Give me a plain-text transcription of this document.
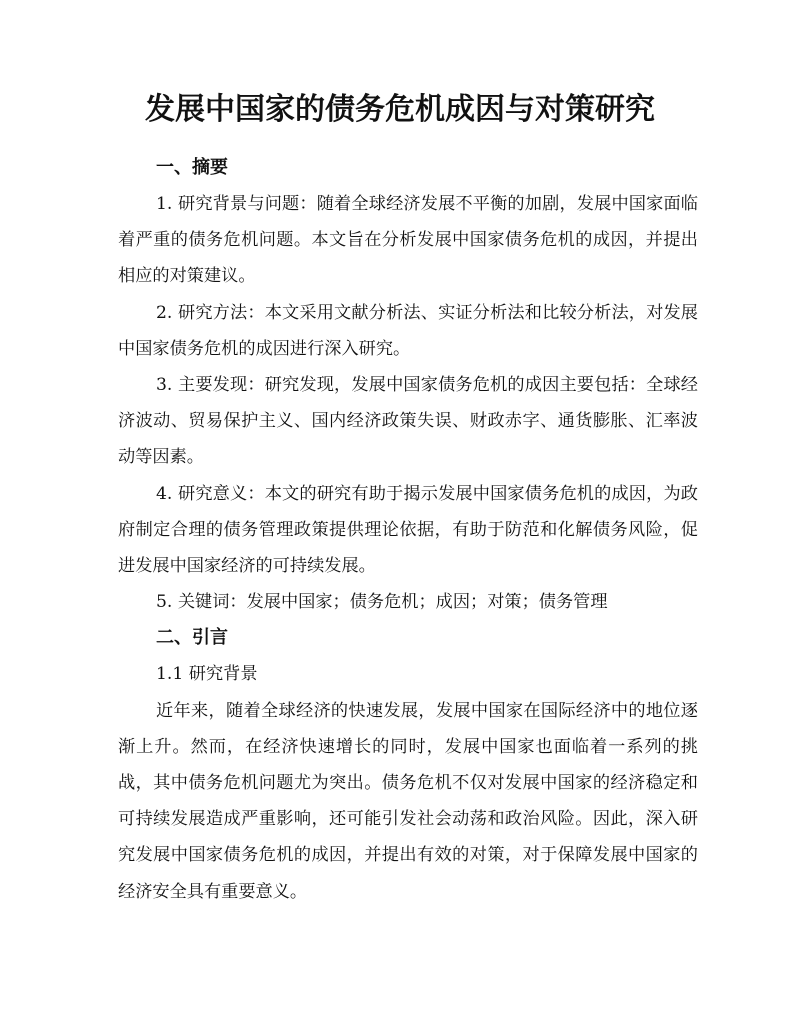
发展中国家的债务危机成因与对策研究

一、摘要

1. 研究背景与问题：随着全球经济发展不平衡的加剧，发展中国家面临着严重的债务危机问题。本文旨在分析发展中国家债务危机的成因，并提出相应的对策建议。

2. 研究方法：本文采用文献分析法、实证分析法和比较分析法，对发展中国家债务危机的成因进行深入研究。

3. 主要发现：研究发现，发展中国家债务危机的成因主要包括：全球经济波动、贸易保护主义、国内经济政策失误、财政赤字、通货膨胀、汇率波动等因素。

4. 研究意义：本文的研究有助于揭示发展中国家债务危机的成因，为政府制定合理的债务管理政策提供理论依据，有助于防范和化解债务风险，促进发展中国家经济的可持续发展。

5. 关键词：发展中国家；债务危机；成因；对策；债务管理

二、引言

1.1 研究背景

近年来，随着全球经济的快速发展，发展中国家在国际经济中的地位逐渐上升。然而，在经济快速增长的同时，发展中国家也面临着一系列的挑战，其中债务危机问题尤为突出。债务危机不仅对发展中国家的经济稳定和可持续发展造成严重影响，还可能引发社会动荡和政治风险。因此，深入研究发展中国家债务危机的成因，并提出有效的对策，对于保障发展中国家的经济安全具有重要意义。
